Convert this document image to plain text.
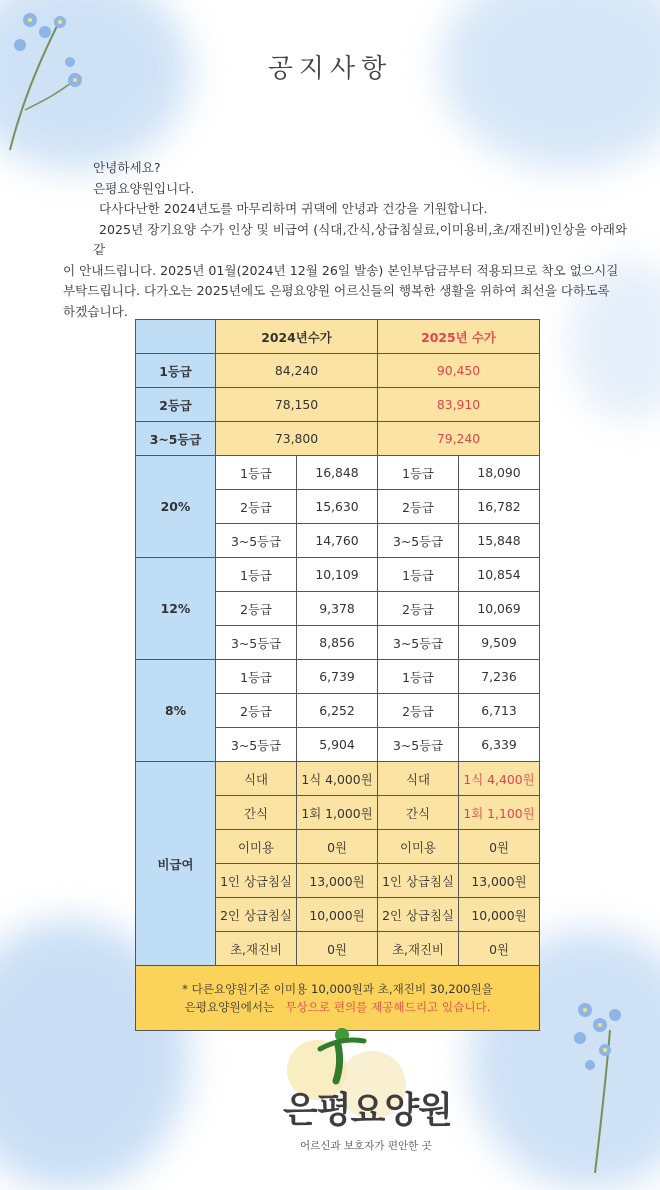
공지사항

안녕하세요?

은평요양원입니다.

다사다난한 2024년도를 마무리하며 귀댁에 안녕과 건강을 기원합니다.

2025년 장기요양 수가 인상 및 비급여 (식대,간식,상급침실료,이미용비,초/재진비)인상을 아래와 같

이 안내드립니다. 2025년 01월(2024년 12월 26일 발송) 본인부담금부터 적용되므로 착오 없으시길

부탁드립니다. 다가오는 2025년에도 은평요양원 어르신들의 행복한 생활을 위하여 최선을 다하도록

하겠습니다.

	2024년수가		2025년 수가	
1등급	84,240		90,450	
2등급	78,150		83,910	
3~5등급	73,800		79,240	
20%	1등급	16,848	1등급	18,090
	2등급	15,630	2등급	16,782
	3~5등급	14,760	3~5등급	15,848
12%	1등급	10,109	1등급	10,854
	2등급	9,378	2등급	10,069
	3~5등급	8,856	3~5등급	9,509
8%	1등급	6,739	1등급	7,236
	2등급	6,252	2등급	6,713
	3~5등급	5,904	3~5등급	6,339
비급여	식대	1식 4,000원	식대	1식 4,400원
	간식	1회 1,000원	간식	1회 1,100원
	이미용	0원	이미용	0원
	1인 상급침실	13,000원	1인 상급침실	13,000원
	2인 상급침실	10,000원	2인 상급침실	10,000원
	초,재진비	0원	초,재진비	0원

* 다른요양원기준 이미용 10,000원과 초,재진비 30,200원을
은평요양원에서는 무상으로 편의를 제공해드리고 있습니다.				
은평요양원
어르신과 보호자가 편안한 곳
